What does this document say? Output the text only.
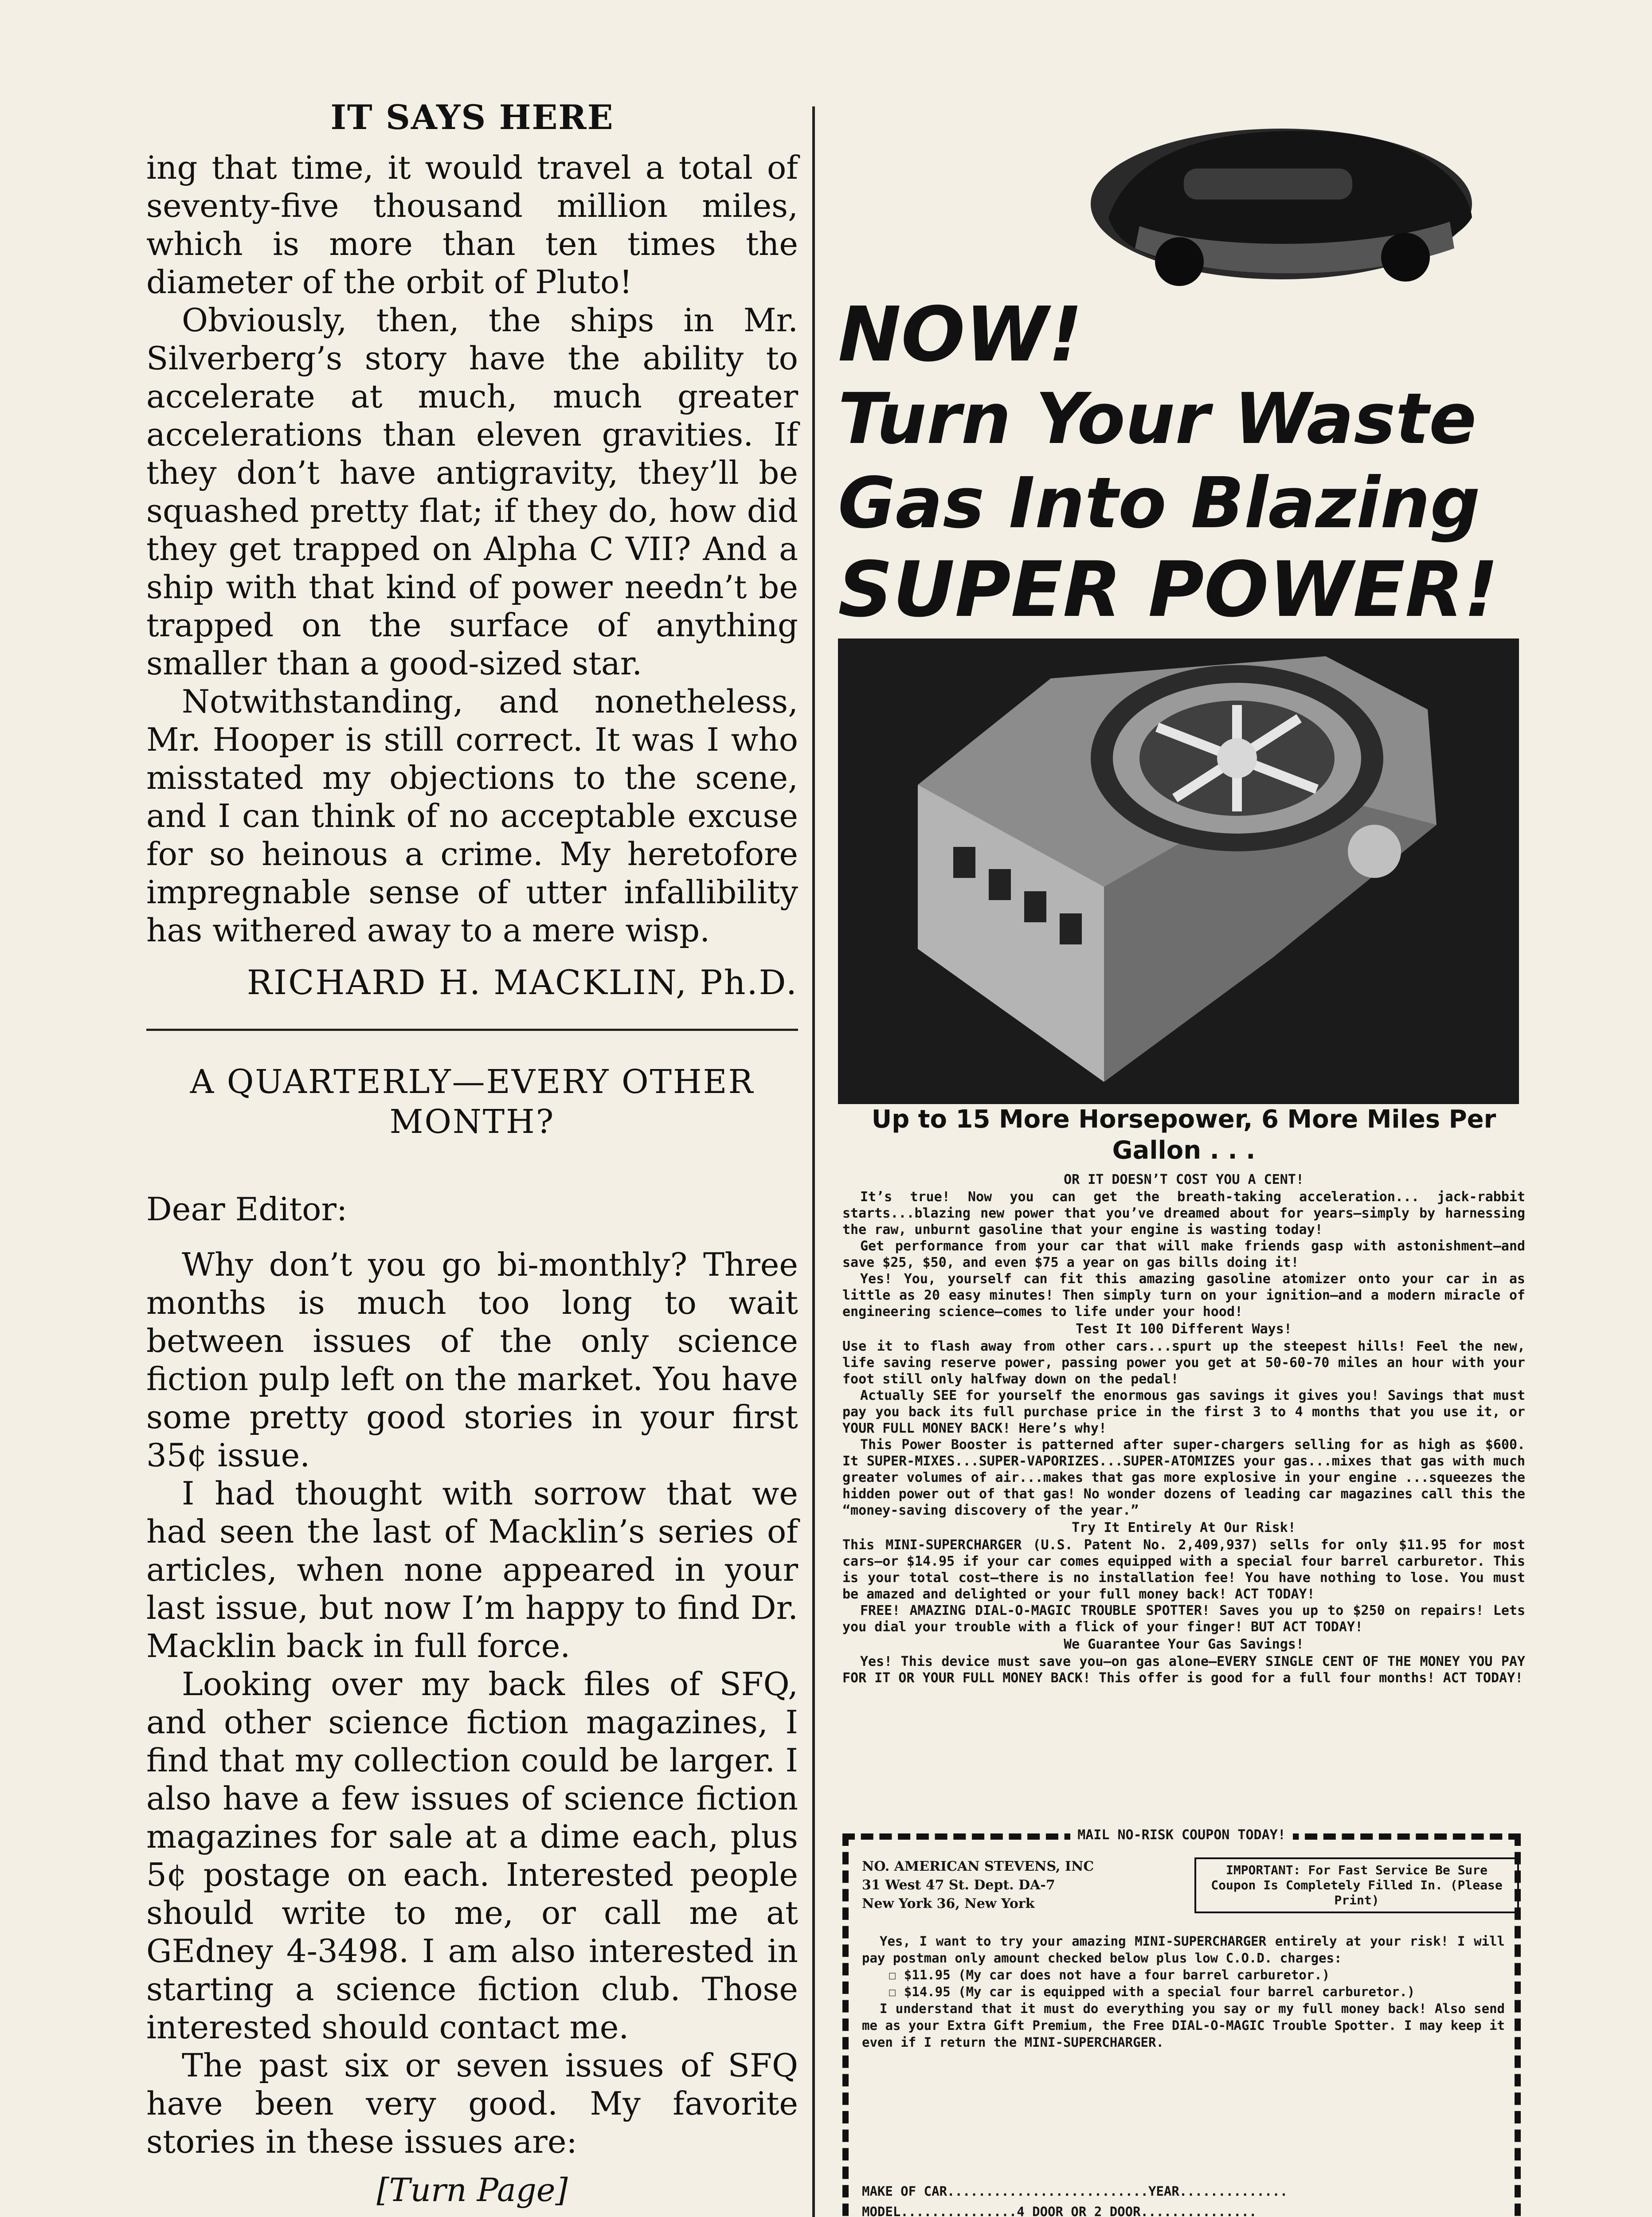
IT SAYS HERE

ing that time, it would travel a total of seventy-five thousand million miles, which is more than ten times the diameter of the orbit of Pluto!

Obviously, then, the ships in Mr. Silverberg’s story have the ability to accelerate at much, much greater accelerations than eleven gravities. If they don’t have antigravity, they’ll be squashed pretty flat; if they do, how did they get trapped on Alpha C VII? And a ship with that kind of power needn’t be trapped on the surface of anything smaller than a good-sized star.

Notwithstanding, and nonetheless, Mr. Hooper is still correct. It was I who misstated my objections to the scene, and I can think of no acceptable excuse for so heinous a crime. My heretofore impregnable sense of utter infallibility has withered away to a mere wisp.

RICHARD H. MACKLIN, Ph.D.
A QUARTERLY—EVERY OTHER MONTH?
Dear Editor:

Why don’t you go bi-monthly? Three months is much too long to wait between issues of the only science fiction pulp left on the market. You have some pretty good stories in your first 35¢ issue.

I had thought with sorrow that we had seen the last of Macklin’s series of articles, when none appeared in your last issue, but now I’m happy to find Dr. Macklin back in full force.

Looking over my back files of SFQ, and other science fiction magazines, I find that my collection could be larger. I also have a few issues of science fiction magazines for sale at a dime each, plus 5¢ postage on each. Interested people should write to me, or call me at GEdney 4-3498. I am also interested in starting a science fiction club. Those interested should contact me.

The past six or seven issues of SFQ have been very good. My favorite stories in these issues are:

[Turn Page]
NOW!
Turn Your Waste
Gas Into Blazing
SUPER POWER!
Up to 15 More Horsepower, 6 More Miles Per Gallon . . .

OR IT DOESN’T COST YOU A CENT!

It’s true! Now you can get the breath-taking acceleration... jack-rabbit starts...blazing new power that you’ve dreamed about for years—simply by harnessing the raw, unburnt gasoline that your engine is wasting today!

Get performance from your car that will make friends gasp with astonishment—and save $25, $50, and even $75 a year on gas bills doing it!

Yes! You, yourself can fit this amazing gasoline atomizer onto your car in as little as 20 easy minutes! Then simply turn on your ignition—and a modern miracle of engineering science—comes to life under your hood!

Test It 100 Different Ways!

Use it to flash away from other cars...spurt up the steepest hills! Feel the new, life saving reserve power, passing power you get at 50-60-70 miles an hour with your foot still only halfway down on the pedal!

Actually SEE for yourself the enormous gas savings it gives you! Savings that must pay you back its full purchase price in the first 3 to 4 months that you use it, or YOUR FULL MONEY BACK! Here’s why!

This Power Booster is patterned after super-chargers selling for as high as $600. It SUPER-MIXES...SUPER-VAPORIZES...SUPER-ATOMIZES your gas...mixes that gas with much greater volumes of air...makes that gas more explosive in your engine ...squeezes the hidden power out of that gas! No wonder dozens of leading car magazines call this the “money-saving discovery of the year.”

Try It Entirely At Our Risk!

This MINI-SUPERCHARGER (U.S. Patent No. 2,409,937) sells for only $11.95 for most cars—or $14.95 if your car comes equipped with a special four barrel carburetor. This is your total cost—there is no installation fee! You have nothing to lose. You must be amazed and delighted or your full money back! ACT TODAY!

FREE! AMAZING DIAL-O-MAGIC TROUBLE SPOTTER! Saves you up to $250 on repairs! Lets you dial your trouble with a flick of your finger! BUT ACT TODAY!

We Guarantee Your Gas Savings!

Yes! This device must save you—on gas alone—EVERY SINGLE CENT OF THE MONEY YOU PAY FOR IT OR YOUR FULL MONEY BACK! This offer is good for a full four months! ACT TODAY!

MAIL NO-RISK COUPON TODAY!
NO. AMERICAN STEVENS, INC
31 West 47 St. Dept. DA-7
New York 36, New York
IMPORTANT: For Fast Service Be Sure Coupon Is Completely Filled In. (Please Print)

Yes, I want to try your amazing MINI-SUPERCHARGER entirely at your risk! I will pay postman only amount checked below plus low C.O.D. charges:

☐ $11.95 (My car does not have a four barrel carburetor.)

☐ $14.95 (My car is equipped with a special four barrel carburetor.)

I understand that it must do everything you say or my full money back! Also send me as your Extra Gift Premium, the Free DIAL-O-MAGIC Trouble Spotter. I may keep it even if I return the MINI-SUPERCHARGER.

MAKE OF CAR..........................YEAR..............
MODEL...............4 DOOR OR 2 DOOR...............
